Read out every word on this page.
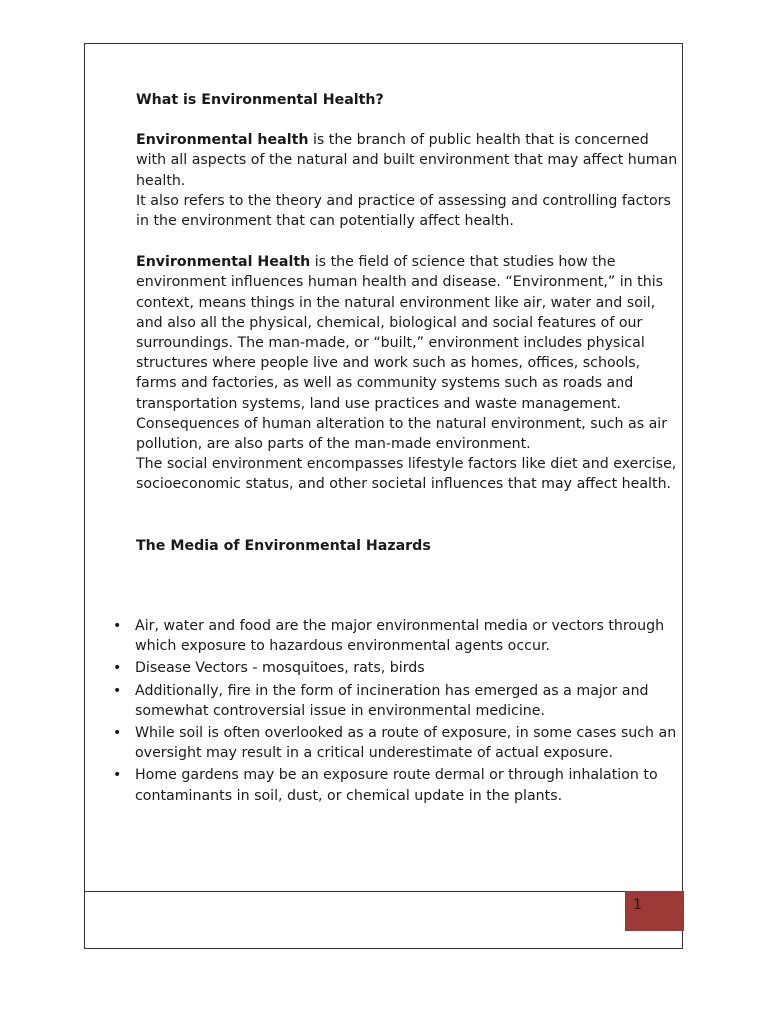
What is Environmental Health?

Environmental health is the branch of public health that is concerned with all aspects of the natural and built environment that may affect human health.

It also refers to the theory and practice of assessing and controlling factors in the environment that can potentially affect health.

Environmental Health is the field of science that studies how the environment influences human health and disease. “Environment,” in this context, means things in the natural environment like air, water and soil, and also all the physical, chemical, biological and social features of our surroundings. The man-made, or “built,” environment includes physical structures where people live and work such as homes, offices, schools, farms and factories, as well as community systems such as roads and transportation systems, land use practices and waste management.

Consequences of human alteration to the natural environment, such as air pollution, are also parts of the man-made environment.

The social environment encompasses lifestyle factors like diet and exercise, socioeconomic status, and other societal influences that may affect health.

The Media of Environmental Hazards

• Air, water and food are the major environmental media or vectors through which exposure to hazardous environmental agents occur.
• Disease Vectors - mosquitoes, rats, birds
• Additionally, fire in the form of incineration has emerged as a major and somewhat controversial issue in environmental medicine.
• While soil is often overlooked as a route of exposure, in some cases such an oversight may result in a critical underestimate of actual exposure.
• Home gardens may be an exposure route dermal or through inhalation to contaminants in soil, dust, or chemical update in the plants.
1
